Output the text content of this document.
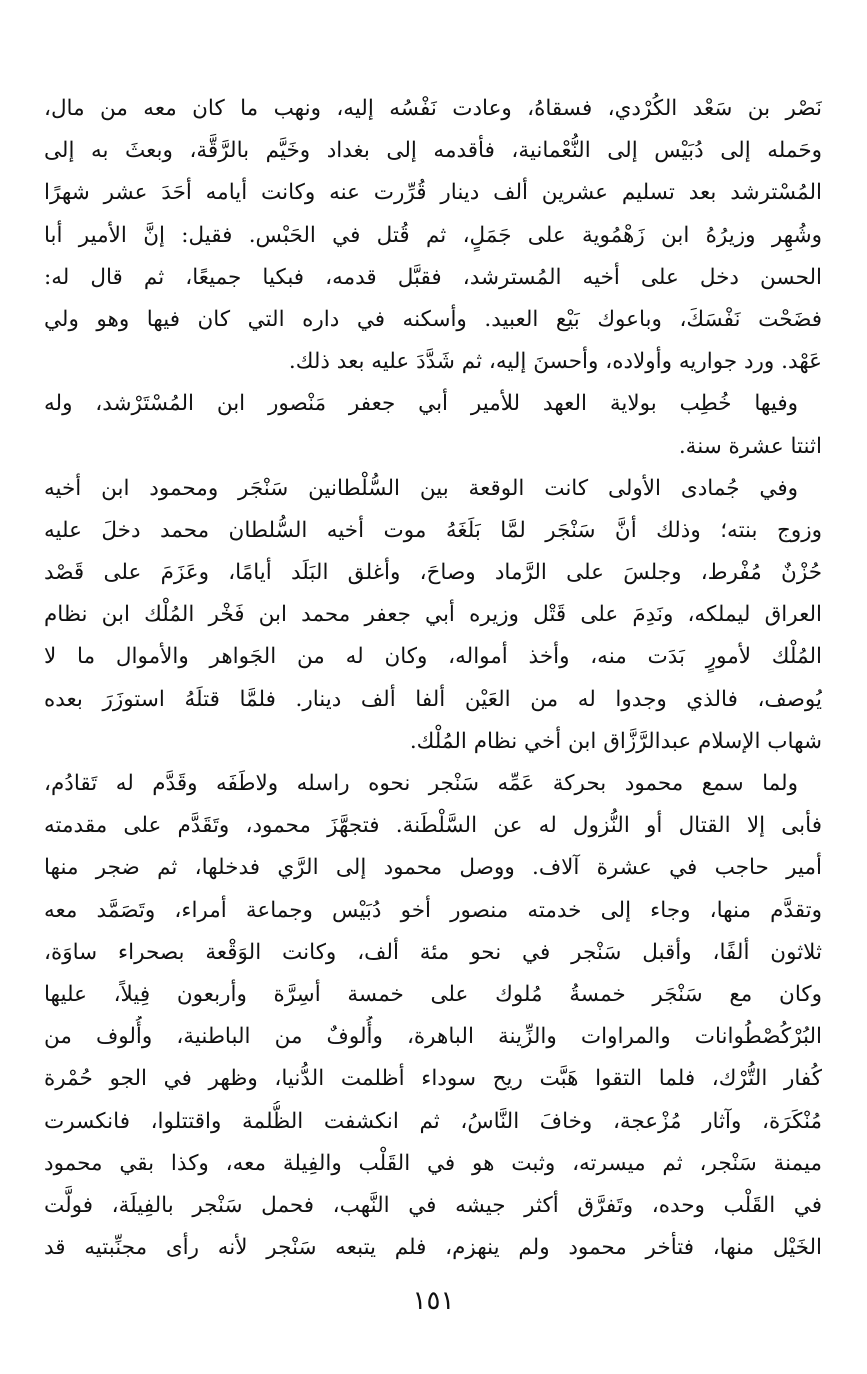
نَصْر بن سَعْد الكُرْدي، فسقاهُ، وعادت نَفْسُه إليه، ونهب ما كان معه من مال،
وحَمله إلى دُبَيْس إلى النُّعْمانية، فأقدمه إلى بغداد وخَيَّم بالرَّقَّة، وبعثَ به إلى
المُسْترشد بعد تسليم عشرين ألف دينار قُرِّرت عنه وكانت أيامه أحَدَ عشر شهرًا
وشُهِر وزيرُهُ ابن زَهْمُوية على جَمَلٍ، ثم قُتل في الحَبْس. فقيل: إنَّ الأمير أبا
الحسن دخل على أخيه المُسترشد، فقبَّل قدمه، فبكيا جميعًا، ثم قال له:
فضَحْت نَفْسَكَ، وباعوك بَيْع العبيد. وأسكنه في داره التي كان فيها وهو ولي
عَهْد. ورد جواريه وأولاده، وأحسنَ إليه، ثم شَدَّدَ عليه بعد ذلك.
وفيها خُطِب بولاية العهد للأمير أبي جعفر مَنْصور ابن المُسْتَرْشد، وله
اثنتا عشرة سنة.
وفي جُمادى الأولى كانت الوقعة بين السُّلْطانين سَنْجَر ومحمود ابن أخيه
وزوج بنته؛ وذلك أنَّ سَنْجَر لمَّا بَلَغَهُ موت أخيه السُّلطان محمد دخلَ عليه
حُزْنٌ مُفْرط، وجلسَ على الرَّماد وصاحَ، وأغلق البَلَد أيامًا، وعَزَمَ على قَصْد
العراق ليملكه، ونَدِمَ على قَتْل وزيره أبي جعفر محمد ابن فَخْر المُلْك ابن نظام
المُلْك لأمورٍ بَدَت منه، وأخذ أمواله، وكان له من الجَواهر والأموال ما لا
يُوصف، فالذي وجدوا له من العَيْن ألفا ألف دينار. فلمَّا قتلَهُ استوزَرَ بعده
شهاب الإسلام عبدالرَّزَّاق ابن أخي نظام المُلْك.
ولما سمع محمود بحركة عَمِّه سَنْجر نحوه راسله ولاطَفَه وقَدَّم له تَقادُم،
فأبى إلا القتال أو النُّزول له عن السَّلْطَنة. فتجهَّزَ محمود، وتَقَدَّم على مقدمته
أمير حاجب في عشرة آلاف. ووصل محمود إلى الرَّي فدخلها، ثم ضجر منها
وتقدَّم منها، وجاء إلى خدمته منصور أخو دُبَيْس وجماعة أمراء، وتَصَمَّد معه
ثلاثون ألفًا، وأقبل سَنْجر في نحو مئة ألف، وكانت الوَقْعة بصحراء ساوَة،
وكان مع سَنْجَر خمسةُ مُلوك على خمسة أسِرَّة وأربعون فِيلاً، عليها
البُرْكُصْطُوانات والمراوات والزِّينة الباهرة، وأُلوفٌ من الباطنية، وأُلوف من
كُفار التُّرْك، فلما التقوا هَبَّت ريح سوداء أظلمت الدُّنيا، وظهر في الجو حُمْرة
مُنْكَرَة، وآثار مُزْعجة، وخافَ النَّاسُ، ثم انكشفت الظُّلمة واقتتلوا، فانكسرت
ميمنة سَنْجر، ثم ميسرته، وثبت هو في القَلْب والفِيلة معه، وكذا بقي محمود
في القَلْب وحده، وتَفرَّق أكثر جيشه في النَّهب، فحمل سَنْجر بالفِيلَة، فولَّت
الخَيْل منها، فتأخر محمود ولم ينهزم، فلم يتبعه سَنْجر لأنه رأى مجنِّبتيه قد
١٥١
